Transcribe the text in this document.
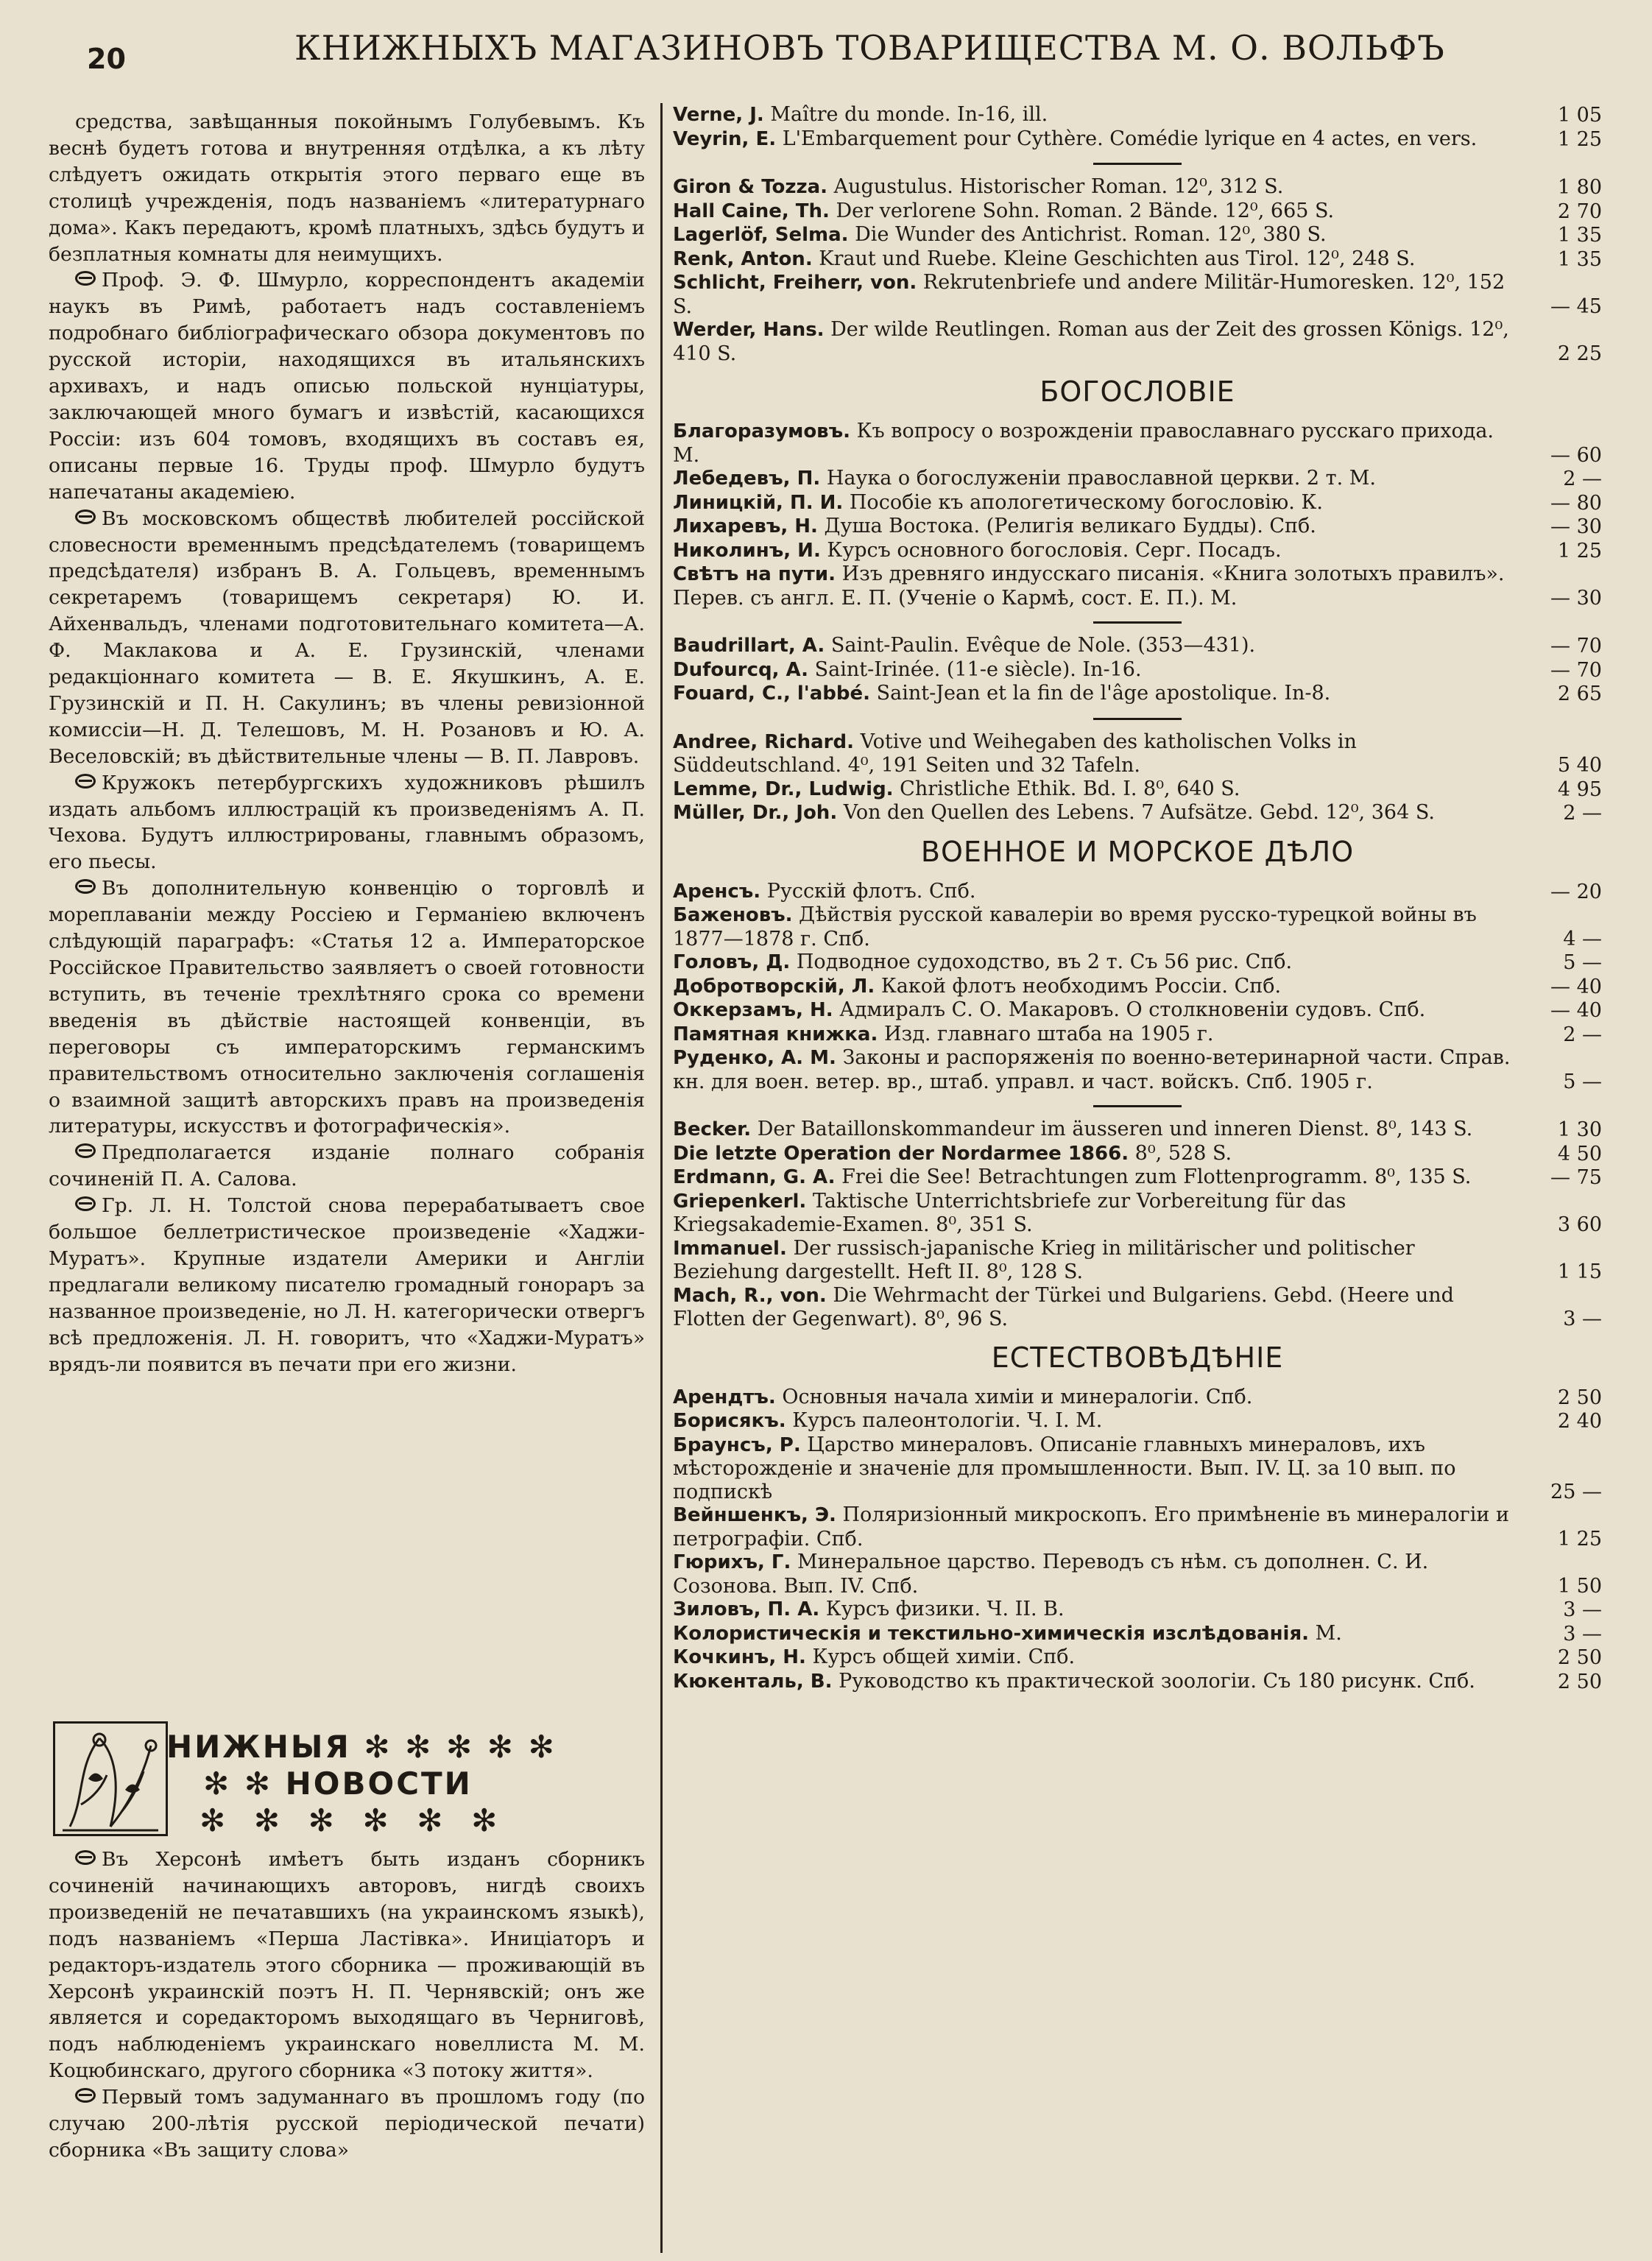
20	КНИЖНЫХЪ МАГАЗИНОВЪ ТОВАРИЩЕСТВА М. О. ВОЛЬФЪ

средства, завѣщанныя покойнымъ Голубевымъ. Къ веснѣ будетъ готова и внутренняя отдѣлка, а къ лѣту слѣдуетъ ожидать открытія этого перваго еще въ столицѣ учрежденія, подъ названіемъ «литературнаго дома». Какъ передаютъ, кромѣ платныхъ, здѣсь будутъ и безплатныя комнаты для неимущихъ.

Проф. Э. Ф. Шмурло, корреспондентъ академіи наукъ въ Римѣ, работаетъ надъ составленіемъ подробнаго библіографическаго обзора документовъ по русской исторіи, находящихся въ итальянскихъ архивахъ, и надъ описью польской нунціатуры, заключающей много бумагъ и извѣстій, касающихся Россіи: изъ 604 томовъ, входящихъ въ составъ ея, описаны первые 16. Труды проф. Шмурло будутъ напечатаны академіею.

Въ московскомъ обществѣ любителей россійской словесности временнымъ предсѣдателемъ (товарищемъ предсѣдателя) избранъ В. А. Гольцевъ, временнымъ секретаремъ (товарищемъ секретаря) Ю. И. Айхенвальдъ, членами подготовительнаго комитета—А. Ф. Маклакова и А. Е. Грузинскій, членами редакціоннаго комитета — В. Е. Якушкинъ, А. Е. Грузинскій и П. Н. Сакулинъ; въ члены ревизіонной комиссіи—Н. Д. Телешовъ, М. Н. Розановъ и Ю. А. Веселовскій; въ дѣйствительные члены — В. П. Лавровъ.

Кружокъ петербургскихъ художниковъ рѣшилъ издать альбомъ иллюстрацій къ произведеніямъ А. П. Чехова. Будутъ иллюстрированы, главнымъ образомъ, его пьесы.

Въ дополнительную конвенцію о торговлѣ и мореплаваніи между Россіею и Германіею включенъ слѣдующій параграфъ: «Статья 12 а. Императорское Россійское Правительство заявляетъ о своей готовности вступить, въ теченіе трехлѣтняго срока со времени введенія въ дѣйствіе настоящей конвенціи, въ переговоры съ императорскимъ германскимъ правительствомъ относительно заключенія соглашенія о взаимной защитѣ авторскихъ правъ на произведенія литературы, искусствъ и фотографическія».

Предполагается изданіе полнаго собранія сочиненій П. А. Салова.

Гр. Л. Н. Толстой снова перерабатываетъ свое большое беллетристическое произведеніе «Хаджи-Муратъ». Крупные издатели Америки и Англіи предлагали великому писателю громадный гонораръ за названное произведеніе, но Л. Н. категорически отвергъ всѣ предложенія. Л. Н. говоритъ, что «Хаджи-Муратъ» врядъ-ли появится въ печати при его жизни.

НИЖНЫЯ ✻ ✻ ✻ ✻ ✻
✻ ✻ НОВОСТИ
✻ ✻ ✻ ✻ ✻ ✻

Въ Херсонѣ имѣетъ быть изданъ сборникъ сочиненій начинающихъ авторовъ, нигдѣ своихъ произведеній не печатавшихъ (на украинскомъ языкѣ), подъ названіемъ «Перша Ластівка». Иниціаторъ и редакторъ-издатель этого сборника — проживающій въ Херсонѣ украинскій поэтъ Н. П. Чернявскій; онъ же является и соредакторомъ выходящаго въ Черниговѣ, подъ наблюденіемъ украинскаго новеллиста М. М. Коцюбинскаго, другого сборника «З потоку життя».

Первый томъ задуманнаго въ прошломъ году (по случаю 200-лѣтія русской періодической печати) сборника «Въ защиту слова»

Verne, J. Maître du monde. In-16, ill.	1 05
Veyrin, E. L'Embarquement pour Cythère. Comédie lyrique en 4 actes, en vers.	1 25
Giron & Tozza. Augustulus. Historischer Roman. 12⁰, 312 S.	1 80
Hall Caine, Th. Der verlorene Sohn. Roman. 2 Bände. 12⁰, 665 S.	2 70
Lagerlöf, Selma. Die Wunder des Antichrist. Roman. 12⁰, 380 S.	1 35
Renk, Anton. Kraut und Ruebe. Kleine Geschichten aus Tirol. 12⁰, 248 S.	1 35
Schlicht, Freiherr, von. Rekrutenbriefe und andere Militär-Humoresken. 12⁰, 152 S.	— 45
Werder, Hans. Der wilde Reutlingen. Roman aus der Zeit des grossen Königs. 12⁰, 410 S.	2 25
БОГОСЛОВІЕ
Благоразумовъ. Къ вопросу о возрожденіи православнаго русскаго прихода. М.	— 60
Лебедевъ, П. Наука о богослуженіи православной церкви. 2 т. М.	2 —
Линицкій, П. И. Пособіе къ апологетическому богословію. К.	— 80
Лихаревъ, Н. Душа Востока. (Религія великаго Будды). Спб.	— 30
Николинъ, И. Курсъ основного богословія. Серг. Посадъ.	1 25
Свѣтъ на пути. Изъ древняго индусскаго писанія. «Книга золотыхъ правилъ». Перев. съ англ. Е. П. (Ученіе о Кармѣ, сост. Е. П.). М.	— 30
Baudrillart, A. Saint-Paulin. Evêque de Nole. (353—431).	— 70
Dufourcq, A. Saint-Irinée. (11-e siècle). In-16.	— 70
Fouard, C., l'abbé. Saint-Jean et la fin de l'âge apostolique. In-8.	2 65
Andree, Richard. Votive und Weihegaben des katholischen Volks in Süddeutschland. 4⁰, 191 Seiten und 32 Tafeln.	5 40
Lemme, Dr., Ludwig. Christliche Ethik. Bd. I. 8⁰, 640 S.	4 95
Müller, Dr., Joh. Von den Quellen des Lebens. 7 Aufsätze. Gebd. 12⁰, 364 S.	2 —
ВОЕННОЕ И МОРСКОЕ ДѢЛО
Аренсъ. Русскій флотъ. Спб.	— 20
Баженовъ. Дѣйствія русской кавалеріи во время русско-турецкой войны въ 1877—1878 г. Спб.	4 —
Головъ, Д. Подводное судоходство, въ 2 т. Съ 56 рис. Спб.	5 —
Добротворскій, Л. Какой флотъ необходимъ Россіи. Спб.	— 40
Оккерзамъ, Н. Адмиралъ С. О. Макаровъ. О столкновеніи судовъ. Спб.	— 40
Памятная книжка. Изд. главнаго штаба на 1905 г.	2 —
Руденко, А. М. Законы и распоряженія по военно-ветеринарной части. Справ. кн. для воен. ветер. вр., штаб. управл. и част. войскъ. Спб. 1905 г.	5 —
Becker. Der Bataillonskommandeur im äusseren und inneren Dienst. 8⁰, 143 S.	1 30
Die letzte Operation der Nordarmee 1866. 8⁰, 528 S.	4 50
Erdmann, G. A. Frei die See! Betrachtungen zum Flottenprogramm. 8⁰, 135 S.	— 75
Griepenkerl. Taktische Unterrichtsbriefe zur Vorbereitung für das Kriegsakademie-Examen. 8⁰, 351 S.	3 60
Immanuel. Der russisch-japanische Krieg in militärischer und politischer Beziehung dargestellt. Heft II. 8⁰, 128 S.	1 15
Mach, R., von. Die Wehrmacht der Türkei und Bulgariens. Gebd. (Heere und Flotten der Gegenwart). 8⁰, 96 S.	3 —
ЕСТЕСТВОВѢДѢНІЕ
Арендтъ. Основныя начала химіи и минералогіи. Спб.	2 50
Борисякъ. Курсъ палеонтологіи. Ч. I. М.	2 40
Браунсъ, Р. Царство минераловъ. Описаніе главныхъ минераловъ, ихъ мѣсторожденіе и значеніе для промышленности. Вып. IV. Ц. за 10 вып. по подпискѣ	25 —
Вейншенкъ, Э. Поляризіонный микроскопъ. Его примѣненіе въ минералогіи и петрографіи. Спб.	1 25
Гюрихъ, Г. Минеральное царство. Переводъ съ нѣм. съ дополнен. С. И. Созонова. Вып. IV. Спб.	1 50
Зиловъ, П. А. Курсъ физики. Ч. II. В.	3 —
Колористическія и текстильно-химическія изслѣдованія. М.	3 —
Кочкинъ, Н. Курсъ общей химіи. Спб.	2 50
Кюкенталь, В. Руководство къ практической зоологіи. Съ 180 рисунк. Спб.	2 50
